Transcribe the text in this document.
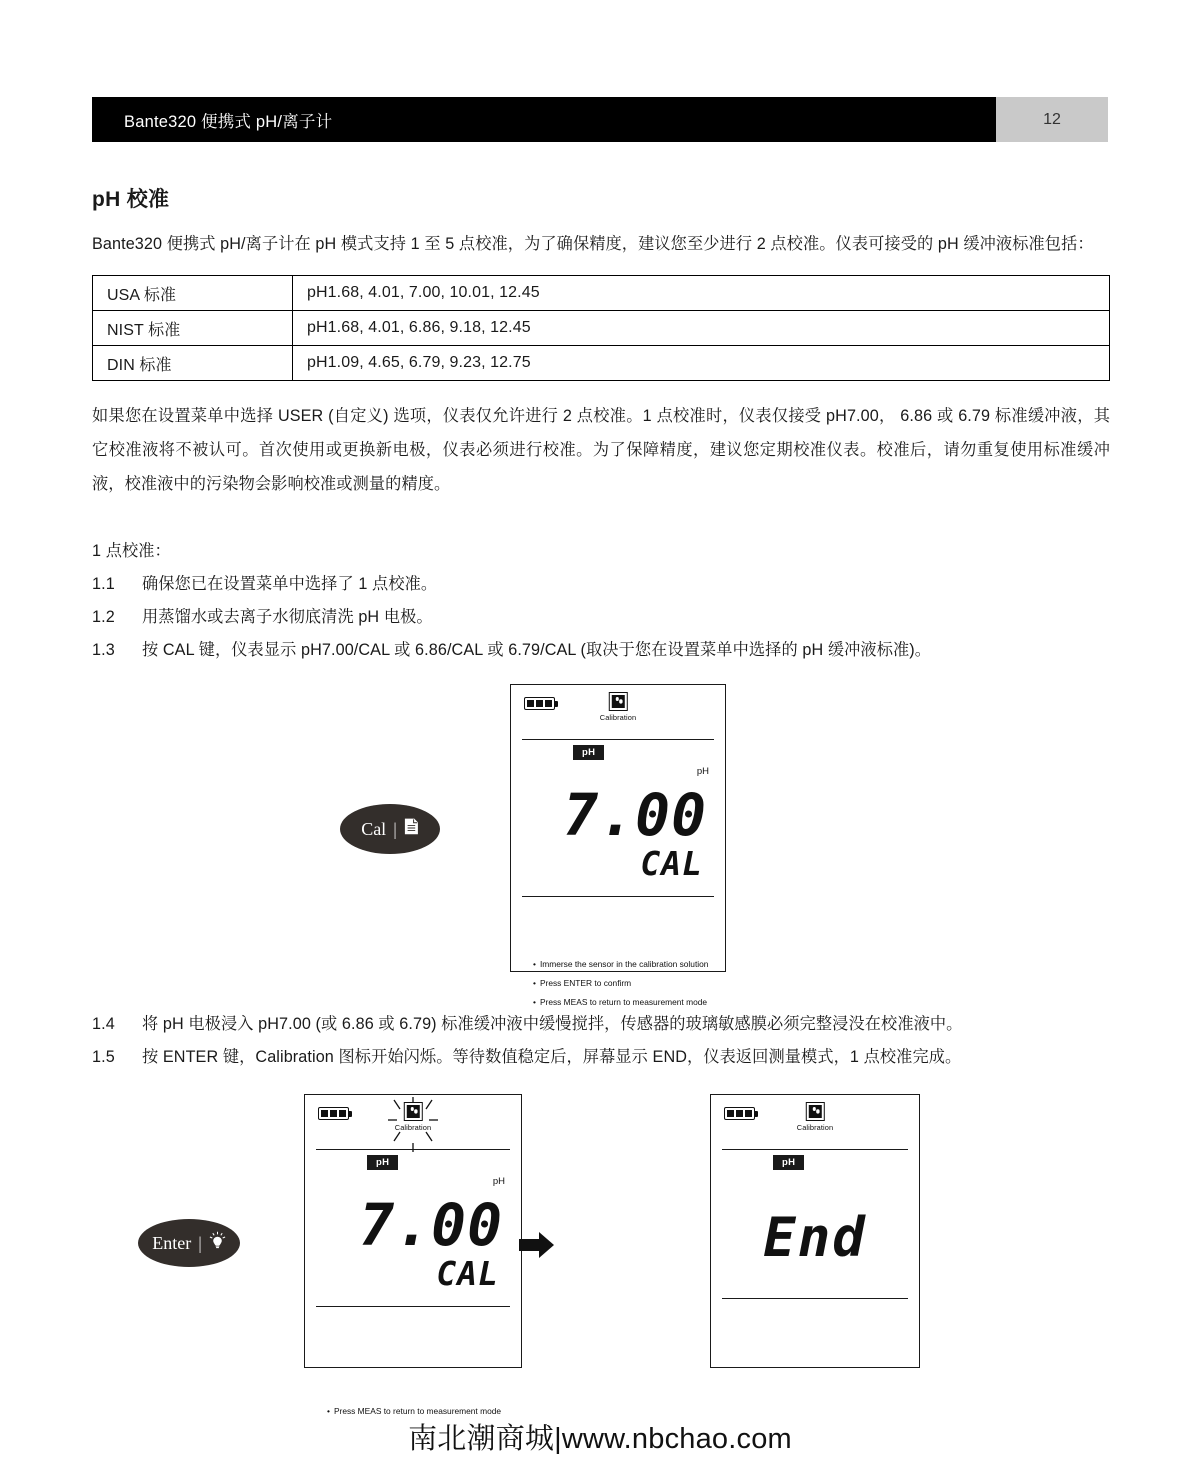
Bante320 便携式 pH/离子计	12
pH 校准

Bante320 便携式 pH/离子计在 pH 模式支持 1 至 5 点校准，为了确保精度，建议您至少进行 2 点校准。仪表可接受的 pH 缓冲液标准包括：

USA 标准	pH1.68, 4.01, 7.00, 10.01, 12.45
NIST 标准	pH1.68, 4.01, 6.86, 9.18, 12.45
DIN 标准	pH1.09, 4.65, 6.79, 9.23, 12.75

如果您在设置菜单中选择 USER (自定义) 选项，仪表仅允许进行 2 点校准。1 点校准时，仪表仅接受 pH7.00， 6.86 或 6.79 标准缓冲液，其它校准液将不被认可。首次使用或更换新电极，仪表必须进行校准。为了保障精度，建议您定期校准仪表。校准后，请勿重复使用标准缓冲液，校准液中的污染物会影响校准或测量的精度。

1 点校准：
1.1	确保您已在设置菜单中选择了 1 点校准。
1.2	用蒸馏水或去离子水彻底清洗 pH 电极。
1.3	按 CAL 键，仪表显示 pH7.00/CAL 或 6.86/CAL 或 6.79/CAL (取决于您在设置菜单中选择的 pH 缓冲液标准)。
Cal |
Calibration
pH
pH
7.00
CAL
• Immerse the sensor in the calibration solution
• Press ENTER to confirm
• Press MEAS to return to measurement mode
1.4	将 pH 电极浸入 pH7.00 (或 6.86 或 6.79) 标准缓冲液中缓慢搅拌，传感器的玻璃敏感膜必须完整浸没在校准液中。
1.5	按 ENTER 键，Calibration 图标开始闪烁。等待数值稳定后，屏幕显示 END，仪表返回测量模式，1 点校准完成。
Enter |
Calibration
pH
pH
7.00
CAL
• Press MEAS to return to measurement mode
Calibration
pH
End
南北潮商城|www.nbchao.com
